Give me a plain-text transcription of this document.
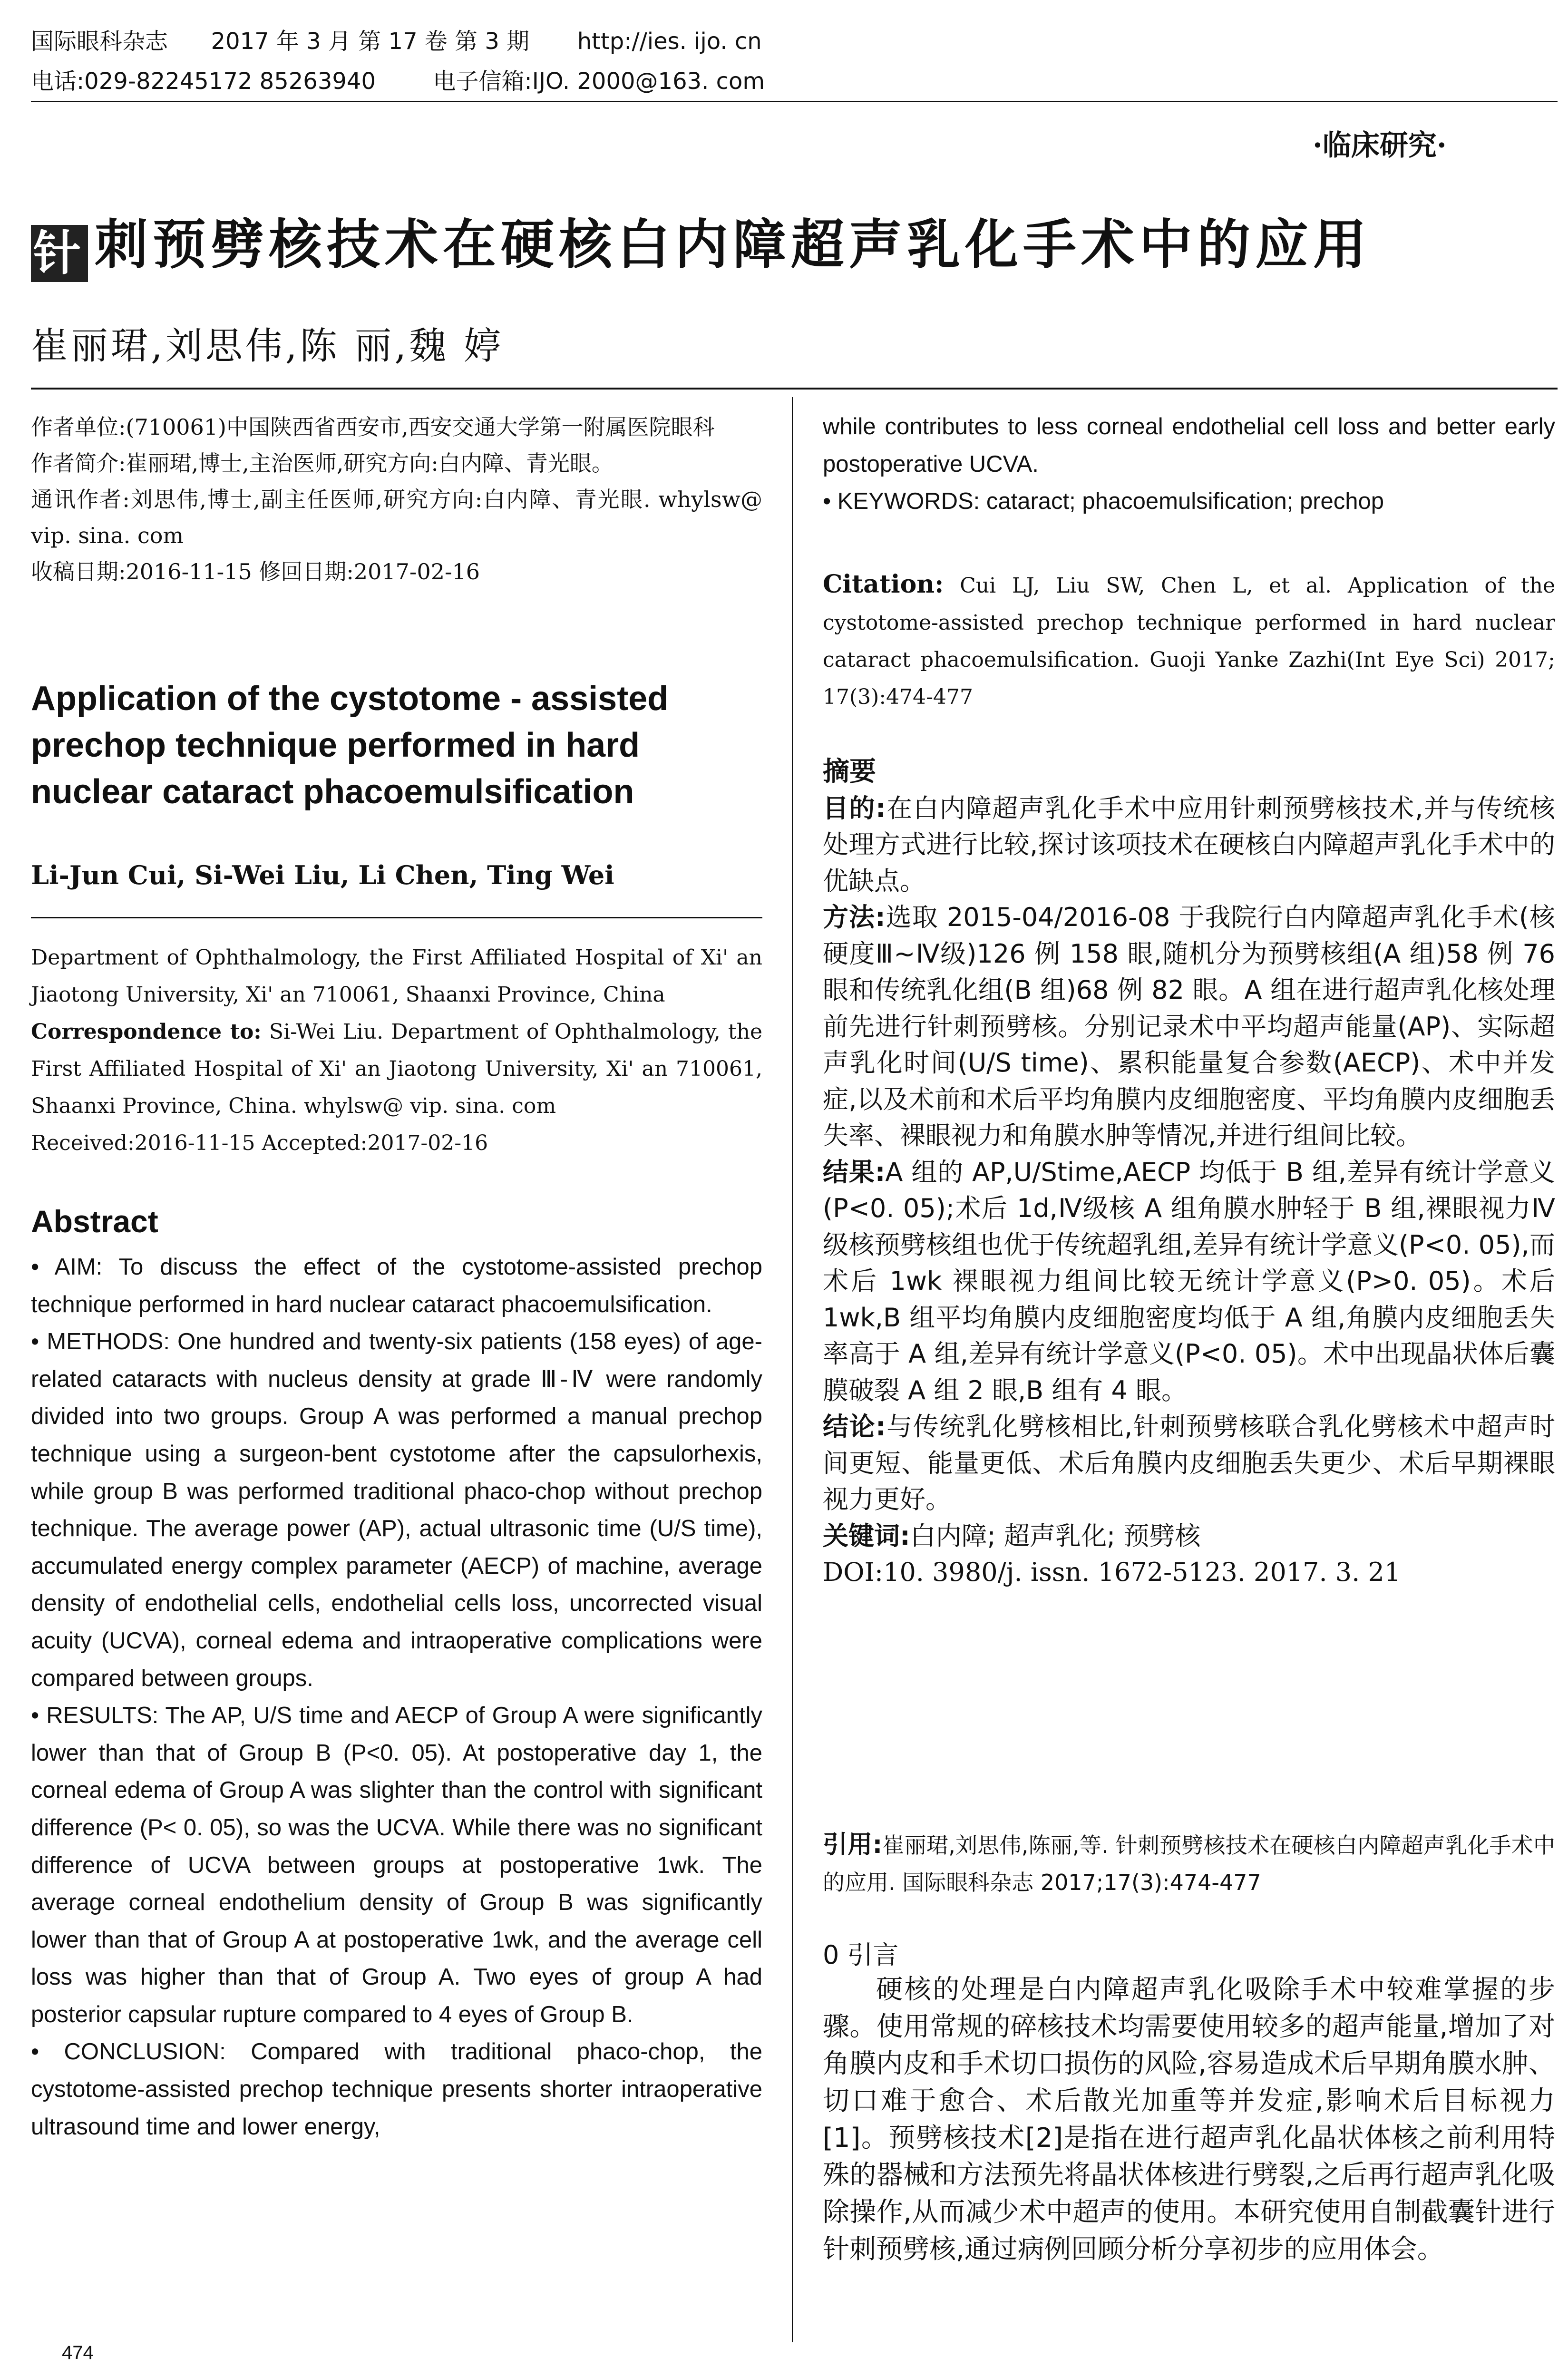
国际眼科杂志 2017 年 3 月 第 17 卷 第 3 期 http://ies. ijo. cn
电话:029-82245172 85263940	电子信箱:IJO. 2000@163. com
·临床研究·
针 刺预劈核技术在硬核白内障超声乳化手术中的应用
崔丽珺,刘思伟,陈 丽,魏 婷
作者单位:(710061)中国陕西省西安市,西安交通大学第一附属医院眼科
作者简介:崔丽珺,博士,主治医师,研究方向:白内障、青光眼。
通讯作者:刘思伟,博士,副主任医师,研究方向:白内障、青光眼. whylsw@ vip. sina. com
收稿日期:2016-11-15 修回日期:2017-02-16
Application of the cystotome - assisted prechop technique performed in hard nuclear cataract phacoemulsification
Li-Jun Cui, Si-Wei Liu, Li Chen, Ting Wei
Department of Ophthalmology, the First Affiliated Hospital of Xi' an Jiaotong University, Xi' an 710061, Shaanxi Province, China
Correspondence to: Si-Wei Liu. Department of Ophthalmology, the First Affiliated Hospital of Xi' an Jiaotong University, Xi' an 710061, Shaanxi Province, China. whylsw@ vip. sina. com
Received:2016-11-15 Accepted:2017-02-16
Abstract

• AIM: To discuss the effect of the cystotome-assisted prechop technique performed in hard nuclear cataract phacoemulsification.

• METHODS: One hundred and twenty-six patients (158 eyes) of age-related cataracts with nucleus density at grade Ⅲ-Ⅳ were randomly divided into two groups. Group A was performed a manual prechop technique using a surgeon-bent cystotome after the capsulorhexis, while group B was performed traditional phaco-chop without prechop technique. The average power (AP), actual ultrasonic time (U/S time), accumulated energy complex parameter (AECP) of machine, average density of endothelial cells, endothelial cells loss, uncorrected visual acuity (UCVA), corneal edema and intraoperative complications were compared between groups.

• RESULTS: The AP, U/S time and AECP of Group A were significantly lower than that of Group B (P<0. 05). At postoperative day 1, the corneal edema of Group A was slighter than the control with significant difference (P< 0. 05), so was the UCVA. While there was no significant difference of UCVA between groups at postoperative 1wk. The average corneal endothelium density of Group B was significantly lower than that of Group A at postoperative 1wk, and the average cell loss was higher than that of Group A. Two eyes of group A had posterior capsular rupture compared to 4 eyes of Group B.

• CONCLUSION: Compared with traditional phaco-chop, the cystotome-assisted prechop technique presents shorter intraoperative ultrasound time and lower energy,

474

while contributes to less corneal endothelial cell loss and better early postoperative UCVA.

• KEYWORDS: cataract; phacoemulsification; prechop

Citation: Cui LJ, Liu SW, Chen L, et al. Application of the cystotome-assisted prechop technique performed in hard nuclear cataract phacoemulsification. Guoji Yanke Zazhi(Int Eye Sci) 2017; 17(3):474-477

摘要

目的:在白内障超声乳化手术中应用针刺预劈核技术,并与传统核处理方式进行比较,探讨该项技术在硬核白内障超声乳化手术中的优缺点。

方法:选取 2015-04/2016-08 于我院行白内障超声乳化手术(核硬度Ⅲ~Ⅳ级)126 例 158 眼,随机分为预劈核组(A 组)58 例 76 眼和传统乳化组(B 组)68 例 82 眼。A 组在进行超声乳化核处理前先进行针刺预劈核。分别记录术中平均超声能量(AP)、实际超声乳化时间(U/S time)、累积能量复合参数(AECP)、术中并发症,以及术前和术后平均角膜内皮细胞密度、平均角膜内皮细胞丢失率、裸眼视力和角膜水肿等情况,并进行组间比较。

结果:A 组的 AP,U/Stime,AECP 均低于 B 组,差异有统计学意义(P<0. 05);术后 1d,Ⅳ级核 A 组角膜水肿轻于 B 组,裸眼视力Ⅳ级核预劈核组也优于传统超乳组,差异有统计学意义(P<0. 05),而术后 1wk 裸眼视力组间比较无统计学意义(P>0. 05)。术后 1wk,B 组平均角膜内皮细胞密度均低于 A 组,角膜内皮细胞丢失率高于 A 组,差异有统计学意义(P<0. 05)。术中出现晶状体后囊膜破裂 A 组 2 眼,B 组有 4 眼。

结论:与传统乳化劈核相比,针刺预劈核联合乳化劈核术中超声时间更短、能量更低、术后角膜内皮细胞丢失更少、术后早期裸眼视力更好。

关键词:白内障; 超声乳化; 预劈核

DOI:10. 3980/j. issn. 1672-5123. 2017. 3. 21

引用:崔丽珺,刘思伟,陈丽,等. 针刺预劈核技术在硬核白内障超声乳化手术中的应用. 国际眼科杂志 2017;17(3):474-477
0 引言

硬核的处理是白内障超声乳化吸除手术中较难掌握的步骤。使用常规的碎核技术均需要使用较多的超声能量,增加了对角膜内皮和手术切口损伤的风险,容易造成术后早期角膜水肿、切口难于愈合、术后散光加重等并发症,影响术后目标视力[1]。预劈核技术[2]是指在进行超声乳化晶状体核之前利用特殊的器械和方法预先将晶状体核进行劈裂,之后再行超声乳化吸除操作,从而减少术中超声的使用。本研究使用自制截囊针进行针刺预劈核,通过病例回顾分析分享初步的应用体会。
